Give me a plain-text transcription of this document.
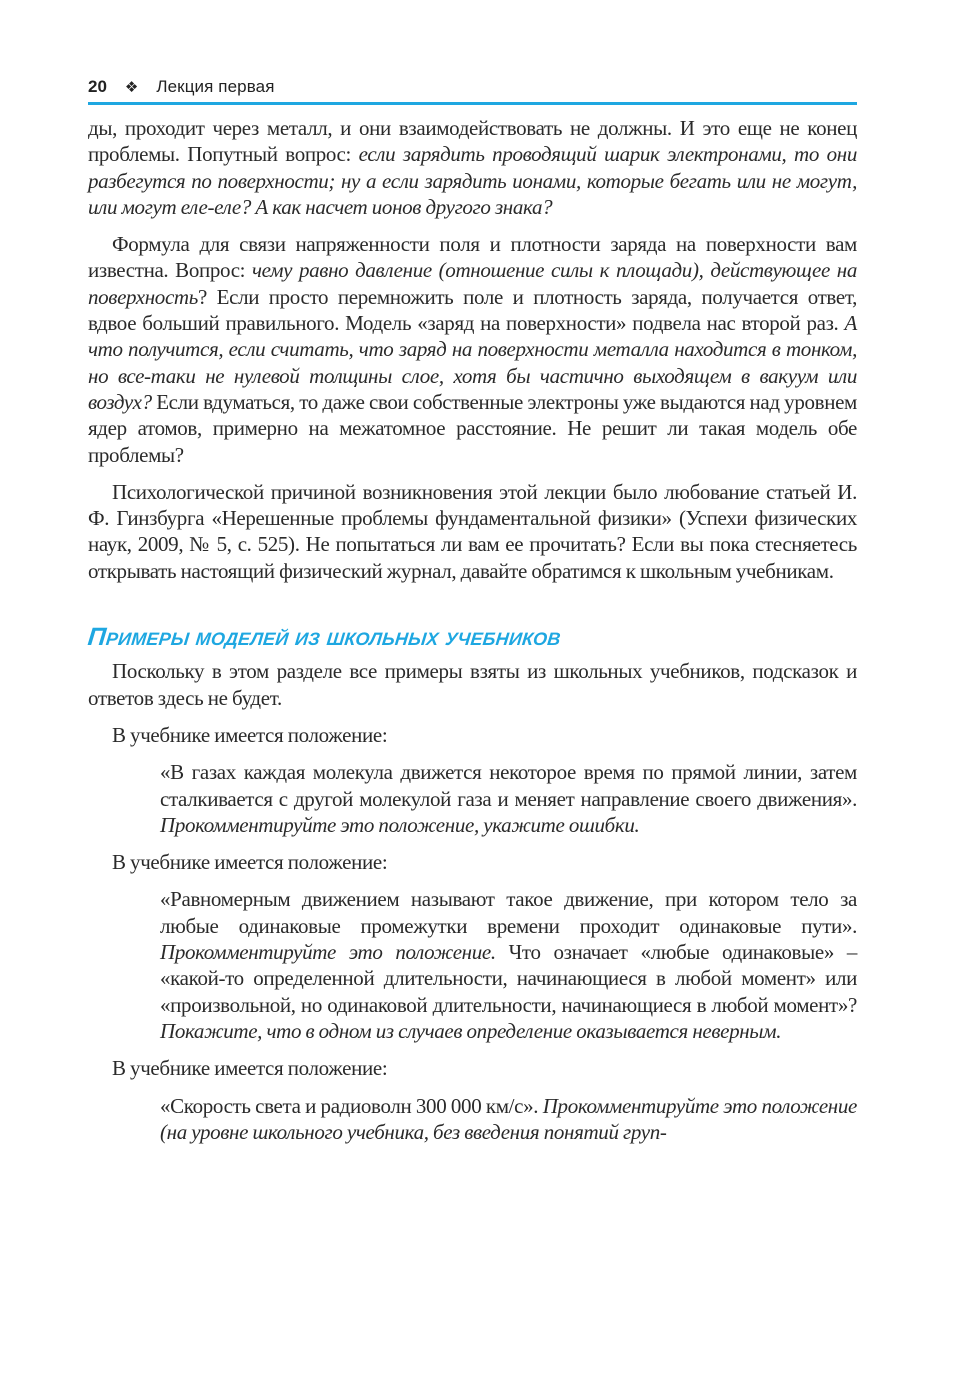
20 ❖ Лекция первая

ды, проходит через металл, и они взаимодействовать не должны. И это еще не конец проблемы. Попутный вопрос: если зарядить проводящий шарик электронами, то они разбегутся по поверхности; ну а если зарядить ионами, которые бегать или не могут, или могут еле-еле? А как насчет ионов другого знака?

Формула для связи напряженности поля и плотности заряда на поверхности вам известна. Вопрос: чему равно давление (отношение силы к площади), действующее на поверхность? Если просто перемножить поле и плотность заряда, получается ответ, вдвое больший правильного. Модель «заряд на поверхности» подвела нас второй раз. А что получится, если считать, что заряд на поверхности металла находится в тонком, но все-таки не нулевой толщины слое, хотя бы частично выходящем в вакуум или воздух? Если вдуматься, то даже свои собственные электроны уже выдаются над уровнем ядер атомов, примерно на межатомное расстояние. Не решит ли такая модель обе проблемы?

Психологической причиной возникновения этой лекции было любование статьей И. Ф. Гинзбурга «Нерешенные проблемы фундаментальной физики» (Успехи физических наук, 2009, № 5, с. 525). Не попытаться ли вам ее прочитать? Если вы пока стесняетесь открывать настоящий физический журнал, давайте обратимся к школьным учебникам.

Примеры моделей из школьных учебников

Поскольку в этом разделе все примеры взяты из школьных учебников, подсказок и ответов здесь не будет.

В учебнике имеется положение:

«В газах каждая молекула движется некоторое время по прямой линии, затем сталкивается с другой молекулой газа и меняет направление своего движения». Прокомментируйте это положение, укажите ошибки.

В учебнике имеется положение:

«Равномерным движением называют такое движение, при котором тело за любые одинаковые промежутки времени проходит одинаковые пути». Прокомментируйте это положение. Что означает «любые одинаковые» – «какой-то определенной длительности, начинающиеся в любой момент» или «произвольной, но одинаковой длительности, начинающиеся в любой момент»? Покажите, что в одном из случаев определение оказывается неверным.

В учебнике имеется положение:

«Скорость света и радиоволн 300 000 км/с». Прокомментируйте это положение (на уровне школьного учебника, без введения понятий груп-
